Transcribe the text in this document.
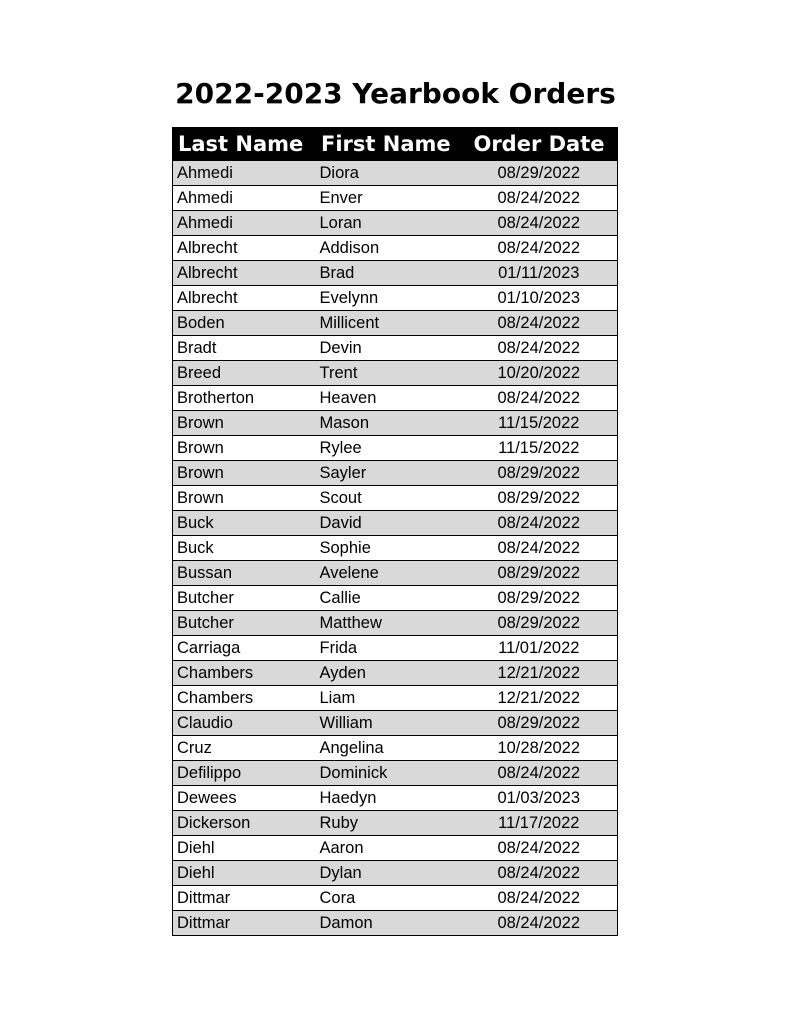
2022-2023 Yearbook Orders
Last Name	First Name	Order Date
Ahmedi	Diora	08/29/2022
Ahmedi	Enver	08/24/2022
Ahmedi	Loran	08/24/2022
Albrecht	Addison	08/24/2022
Albrecht	Brad	01/11/2023
Albrecht	Evelynn	01/10/2023
Boden	Millicent	08/24/2022
Bradt	Devin	08/24/2022
Breed	Trent	10/20/2022
Brotherton	Heaven	08/24/2022
Brown	Mason	11/15/2022
Brown	Rylee	11/15/2022
Brown	Sayler	08/29/2022
Brown	Scout	08/29/2022
Buck	David	08/24/2022
Buck	Sophie	08/24/2022
Bussan	Avelene	08/29/2022
Butcher	Callie	08/29/2022
Butcher	Matthew	08/29/2022
Carriaga	Frida	11/01/2022
Chambers	Ayden	12/21/2022
Chambers	Liam	12/21/2022
Claudio	William	08/29/2022
Cruz	Angelina	10/28/2022
Defilippo	Dominick	08/24/2022
Dewees	Haedyn	01/03/2023
Dickerson	Ruby	11/17/2022
Diehl	Aaron	08/24/2022
Diehl	Dylan	08/24/2022
Dittmar	Cora	08/24/2022
Dittmar	Damon	08/24/2022
